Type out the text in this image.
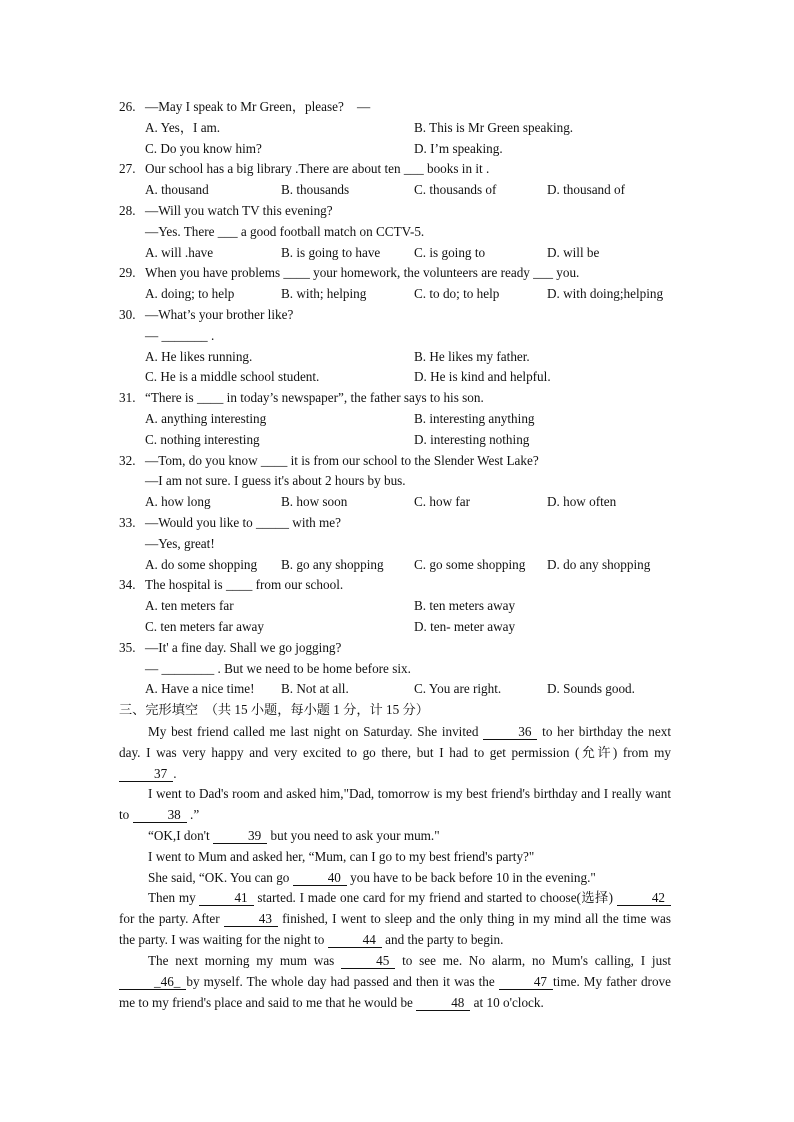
26. —May I speak to Mr Green，please?　—
A. Yes，I am.	B. This is Mr Green speaking.
C. Do you know him?	D. I’m speaking.
27. Our school has a big library .There are about ten ___ books in it .
A. thousand	B. thousands	C. thousands of	D. thousand of
28. —Will you watch TV this evening?
—Yes. There ___ a good football match on CCTV-5.
A. will .have	B. is going to have	C. is going to	D. will be
29. When you have problems ____ your homework, the volunteers are ready ___ you.
A. doing; to help	B. with; helping	C. to do; to help	D. with doing;helping
30. —What’s your brother like?
— _______ .
A. He likes running.	B. He likes my father.
C. He is a middle school student.	D. He is kind and helpful.
31. “There is ____ in today’s newspaper”, the father says to his son.
A. anything interesting	B. interesting anything
C. nothing interesting	D. interesting nothing
32. —Tom, do you know ____ it is from our school to the Slender West Lake?
—I am not sure. I guess it's about 2 hours by bus.
A. how long	B. how soon	C. how far	D. how often
33. —Would you like to _____ with me?
—Yes, great!
A. do some shopping B. go any shopping C. go some shopping D. do any shopping
34. The hospital is ____ from our school.
A. ten meters far	B. ten meters away
C. ten meters far away	D. ten- meter away
35. —It' a fine day. Shall we go jogging?
— ________ . But we need to be home before six.
A. Have a nice time! B. Not at all.	C. You are right.	D. Sounds good.
三、完形填空　（共 15 小题，每小题 1 分，计 15 分）
My best friend called me last night on Saturday. She invited	36 to her birthday the next day. I was very happy and very excited to go there, but I had to get permission (允许) from my 37 .
I went to Dad's room and asked him,"Dad, tomorrow is my best friend's birthday and I really want to	38 .”
“OK,I don't	39 but you need to ask your mum."
I went to Mum and asked her, “Mum, can I go to my best friend's party?"
She said, “OK. You can go	40 you have to be back before 10 in the evening."
Then my	41 started. I made one card for my friend and started to choose(选择)	42 for the party. After	43 finished, I went to sleep and the only thing in my mind all the time was the party. I was waiting for the night to	44 and the party to begin.
The next morning my mum was	45 to see me. No alarm, no Mum's calling, I just_46_ by myself. The whole day had passed and then it was the	47 time. My father drove me to my friend's place and said to me that he would be	48 at 10 o'clock.
